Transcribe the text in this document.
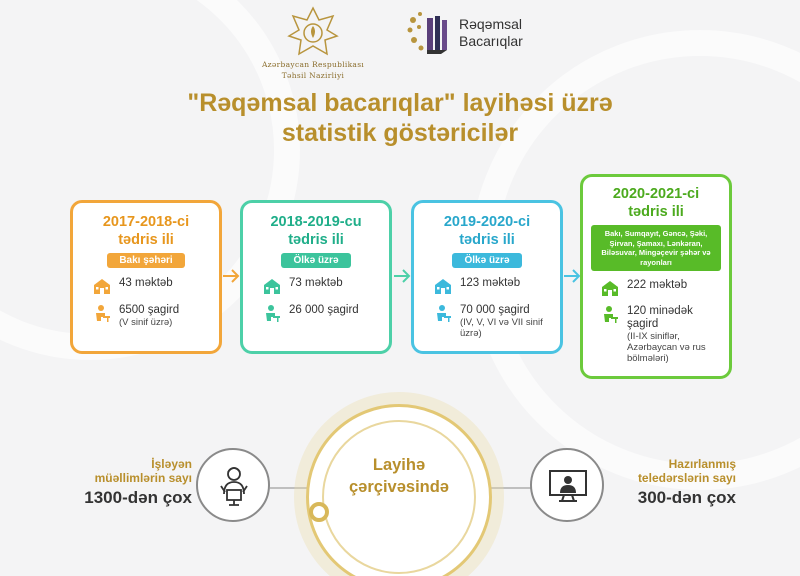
Azərbaycan Respublikası
Təhsil Nazirliyi
Rəqəmsal
Bacarıqlar
"Rəqəmsal bacarıqlar" layihəsi üzrə
statistik göstəricilər
2017-2018-ci
tədris ili
Bakı şəhəri
43 məktəb
6500 şagird
(V sinif üzrə)
2018-2019-cu
tədris ili
Ölkə üzrə
73 məktəb
26 000 şagird
2019-2020-ci
tədris ili
Ölkə üzrə
123 məktəb
70 000 şagird
(IV, V, VI və VII sinif üzrə)
2020-2021-ci
tədris ili
Bakı, Sumqayıt, Gəncə, Şəki, Şirvan, Şamaxı, Lənkəran, Biləsuvar, Mingəçevir şəhər və rayonları
222 məktəb
120 minədək
şagird
(II-IX siniflər, Azərbaycan və rus bölmələri)
İşləyən
müəllimlərin sayı
1300-dən çox
Layihə
çərçivəsində
Hazırlanmış
teledərslərin sayı
300-dən çox
